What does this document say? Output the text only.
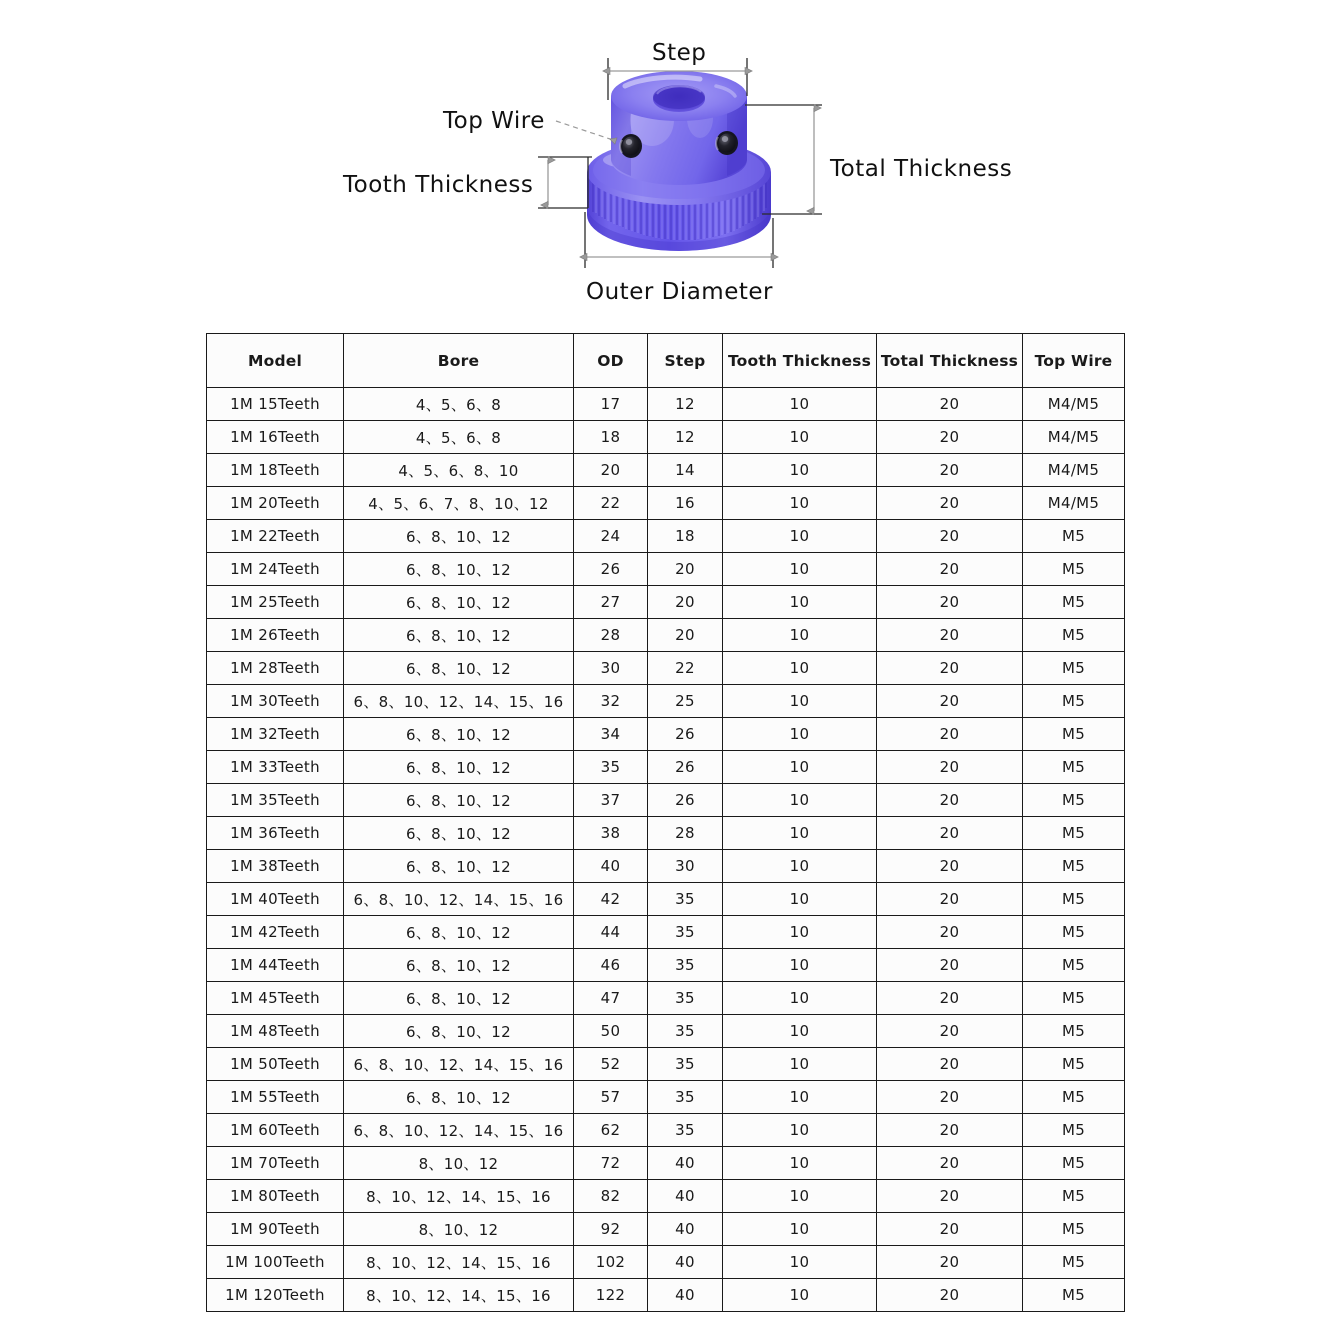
Step
Top Wire
Tooth Thickness
Total Thickness
Outer Diameter
Model	Bore	OD	Step	Tooth Thickness	Total Thickness	Top Wire
1M 15Teeth	4、5、6、8	17	12	10	20	M4/M5
1M 16Teeth	4、5、6、8	18	12	10	20	M4/M5
1M 18Teeth	4、5、6、8、10	20	14	10	20	M4/M5
1M 20Teeth	4、5、6、7、8、10、12	22	16	10	20	M4/M5
1M 22Teeth	6、8、10、12	24	18	10	20	M5
1M 24Teeth	6、8、10、12	26	20	10	20	M5
1M 25Teeth	6、8、10、12	27	20	10	20	M5
1M 26Teeth	6、8、10、12	28	20	10	20	M5
1M 28Teeth	6、8、10、12	30	22	10	20	M5
1M 30Teeth	6、8、10、12、14、15、16	32	25	10	20	M5
1M 32Teeth	6、8、10、12	34	26	10	20	M5
1M 33Teeth	6、8、10、12	35	26	10	20	M5
1M 35Teeth	6、8、10、12	37	26	10	20	M5
1M 36Teeth	6、8、10、12	38	28	10	20	M5
1M 38Teeth	6、8、10、12	40	30	10	20	M5
1M 40Teeth	6、8、10、12、14、15、16	42	35	10	20	M5
1M 42Teeth	6、8、10、12	44	35	10	20	M5
1M 44Teeth	6、8、10、12	46	35	10	20	M5
1M 45Teeth	6、8、10、12	47	35	10	20	M5
1M 48Teeth	6、8、10、12	50	35	10	20	M5
1M 50Teeth	6、8、10、12、14、15、16	52	35	10	20	M5
1M 55Teeth	6、8、10、12	57	35	10	20	M5
1M 60Teeth	6、8、10、12、14、15、16	62	35	10	20	M5
1M 70Teeth	8、10、12	72	40	10	20	M5
1M 80Teeth	8、10、12、14、15、16	82	40	10	20	M5
1M 90Teeth	8、10、12	92	40	10	20	M5
1M 100Teeth	8、10、12、14、15、16	102	40	10	20	M5
1M 120Teeth	8、10、12、14、15、16	122	40	10	20	M5
